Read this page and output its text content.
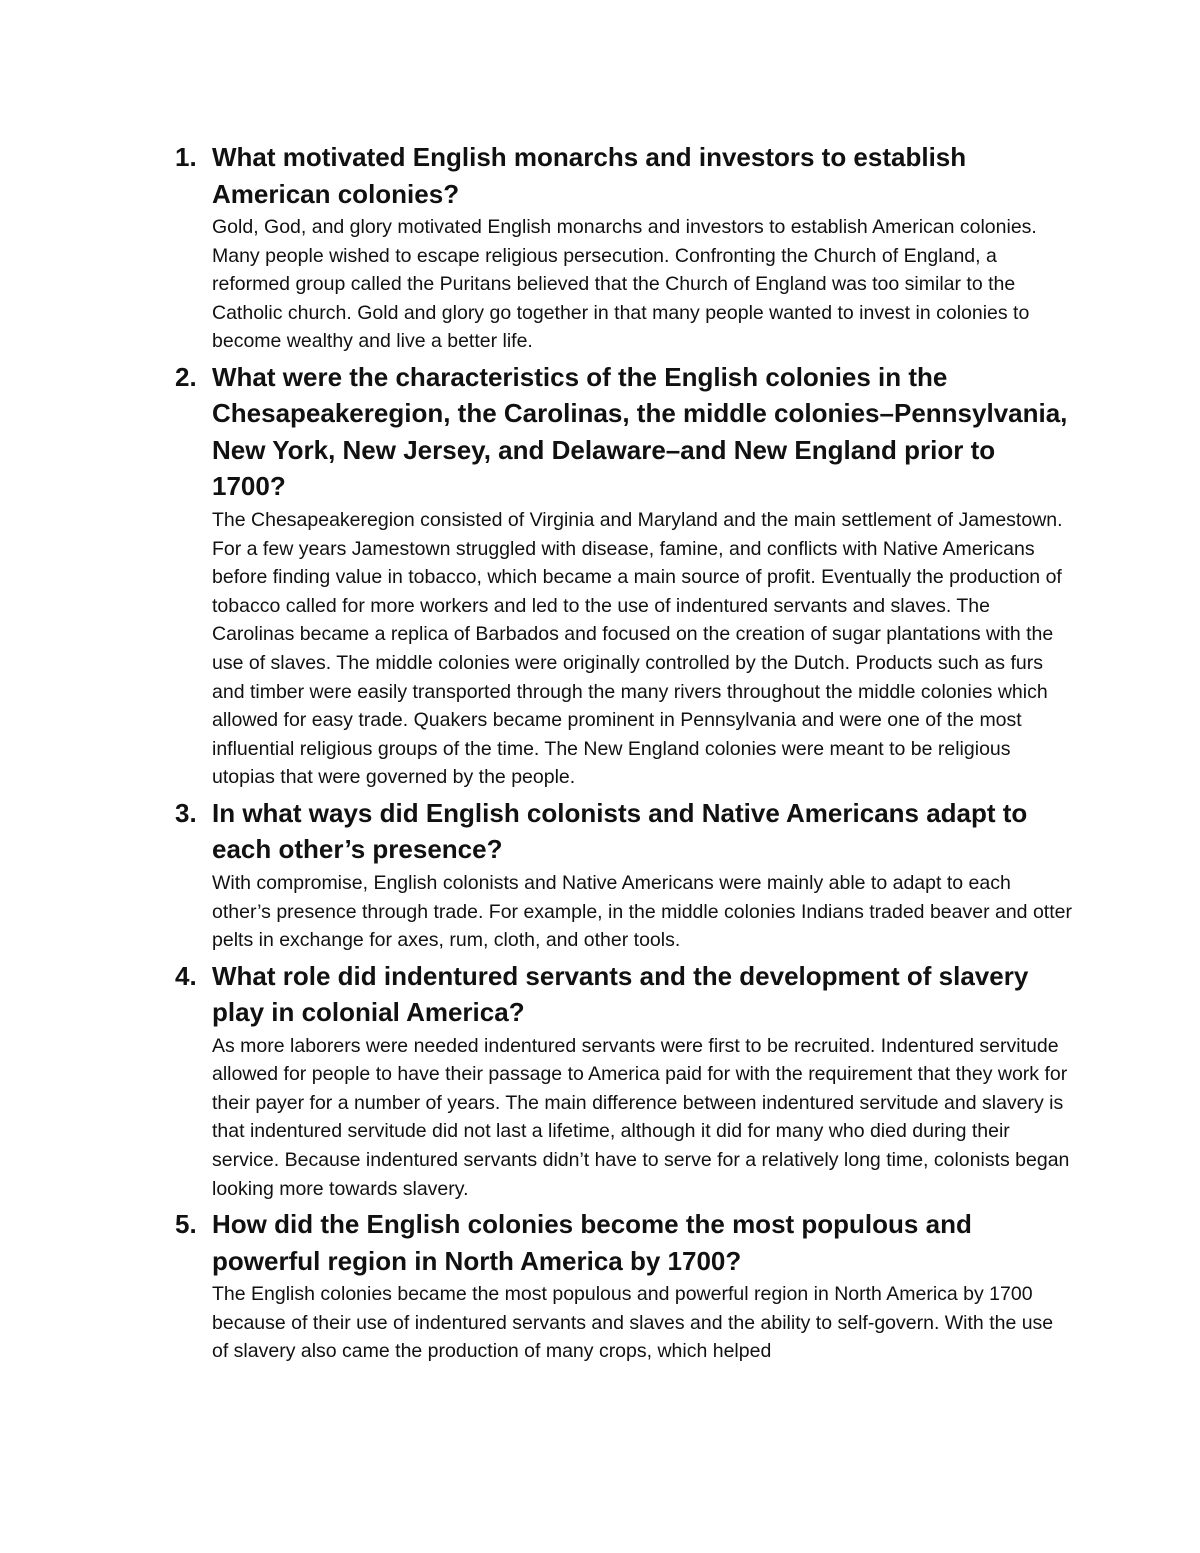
1. What motivated English monarchs and investors to establish American colonies?

Gold, God, and glory motivated English monarchs and investors to establish American colonies. Many people wished to escape religious persecution. Confronting the Church of England, a reformed group called the Puritans believed that the Church of England was too similar to the Catholic church. Gold and glory go together in that many people wanted to invest in colonies to become wealthy and live a better life.

2. What were the characteristics of the English colonies in the Chesapeakeregion, the Carolinas, the middle colonies–Pennsylvania, New York, New Jersey, and Delaware–and New England prior to 1700?

The Chesapeakeregion consisted of Virginia and Maryland and the main settlement of Jamestown. For a few years Jamestown struggled with disease, famine, and conflicts with Native Americans before finding value in tobacco, which became a main source of profit. Eventually the production of tobacco called for more workers and led to the use of indentured servants and slaves. The Carolinas became a replica of Barbados and focused on the creation of sugar plantations with the use of slaves. The middle colonies were originally controlled by the Dutch. Products such as furs and timber were easily transported through the many rivers throughout the middle colonies which allowed for easy trade. Quakers became prominent in Pennsylvania and were one of the most influential religious groups of the time. The New England colonies were meant to be religious utopias that were governed by the people.

3. In what ways did English colonists and Native Americans adapt to each other’s presence?

With compromise, English colonists and Native Americans were mainly able to adapt to each other’s presence through trade. For example, in the middle colonies Indians traded beaver and otter pelts in exchange for axes, rum, cloth, and other tools.

4. What role did indentured servants and the development of slavery play in colonial America?

As more laborers were needed indentured servants were first to be recruited. Indentured servitude allowed for people to have their passage to America paid for with the requirement that they work for their payer for a number of years. The main difference between indentured servitude and slavery is that indentured servitude did not last a lifetime, although it did for many who died during their service. Because indentured servants didn’t have to serve for a relatively long time, colonists began looking more towards slavery.

5. How did the English colonies become the most populous and powerful region in North America by 1700?

The English colonies became the most populous and powerful region in North America by 1700 because of their use of indentured servants and slaves and the ability to self-govern. With the use of slavery also came the production of many crops, which helped
